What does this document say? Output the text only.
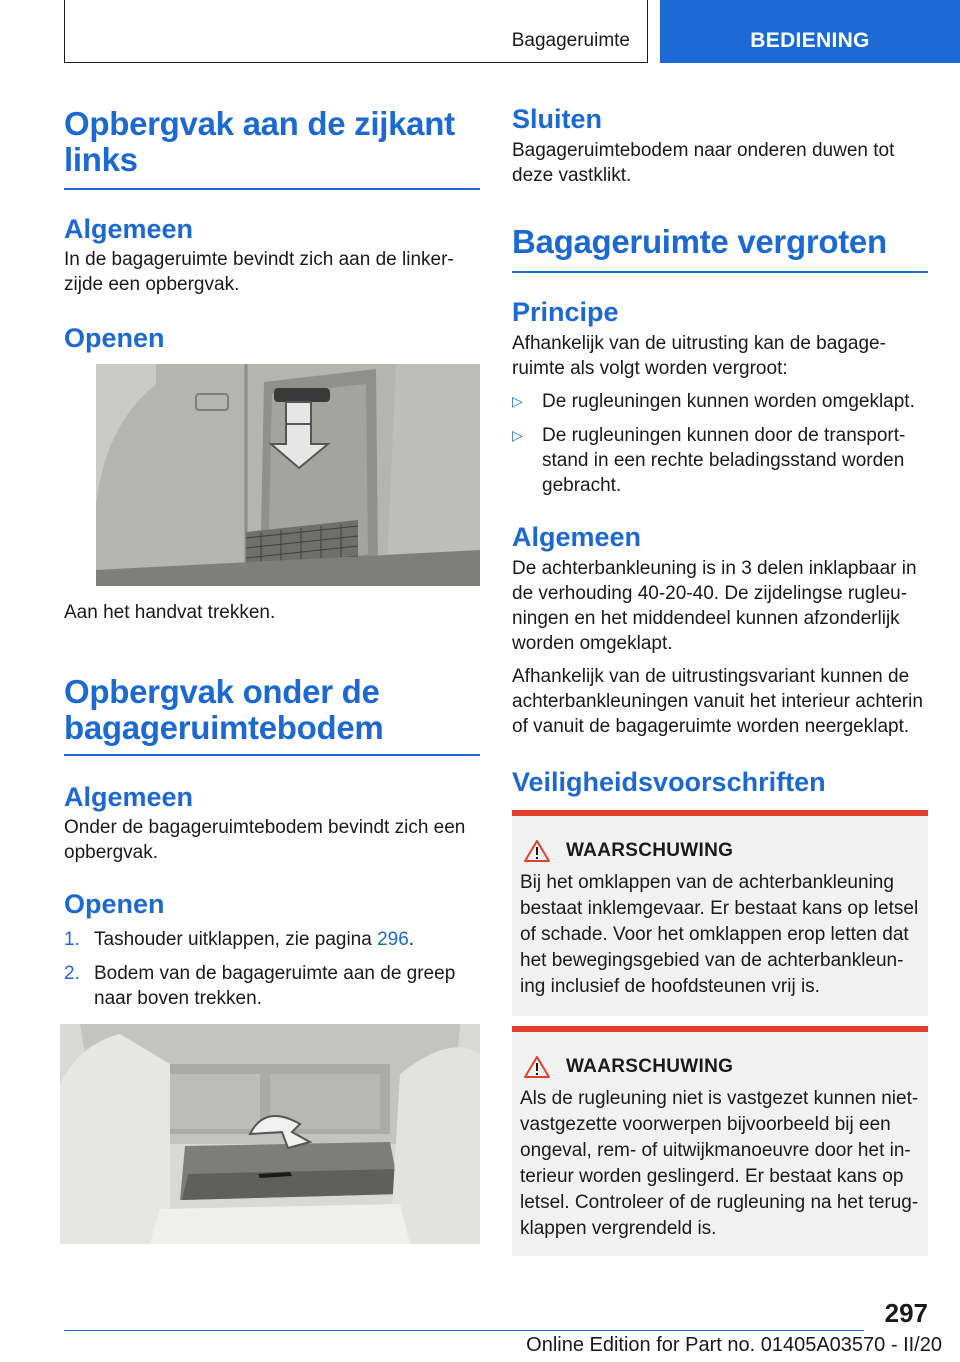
Bagageruimte	BEDIENING
Opbergvak aan de zijkant links
Algemeen

In de bagageruimte bevindt zich aan de linkerzijde een opbergvak.

Openen

Aan het handvat trekken.

Opbergvak onder de bagageruimtebodem
Algemeen

Onder de bagageruimtebodem bevindt zich een opbergvak.

Openen
1. Tashouder uitklappen, zie pagina 296.
2. Bodem van de bagageruimte aan de greep naar boven trekken.
Sluiten

Bagageruimtebodem naar onderen duwen tot deze vastklikt.

Bagageruimte vergroten
Principe

Afhankelijk van de uitrusting kan de bagageruimte als volgt worden vergroot:

▷	De rugleuningen kunnen worden omgeklapt.
▷	De rugleuningen kunnen door de transportstand in een rechte beladingsstand worden gebracht.
Algemeen

De achterbankleuning is in 3 delen inklapbaar in de verhouding 40-20-40. De zijdelingse rugleuningen en het middendeel kunnen afzonderlijk worden omgeklapt.

Afhankelijk van de uitrustingsvariant kunnen de achterbankleuningen vanuit het interieur achterin of vanuit de bagageruimte worden neergeklapt.

Veiligheidsvoorschriften
WAARSCHUWING

Bij het omklappen van de achterbankleuning bestaat inklemgevaar. Er bestaat kans op letsel of schade. Voor het omklappen erop letten dat het bewegingsgebied van de achterbankleuning inclusief de hoofdsteunen vrij is.

WAARSCHUWING

Als de rugleuning niet is vastgezet kunnen nietvastgezette voorwerpen bijvoorbeeld bij een ongeval, rem- of uitwijkmanoeuvre door het interieur worden geslingerd. Er bestaat kans op letsel. Controleer of de rugleuning na het terugklappen vergrendeld is.

297
Online Edition for Part no. 01405A03570 - II/20
